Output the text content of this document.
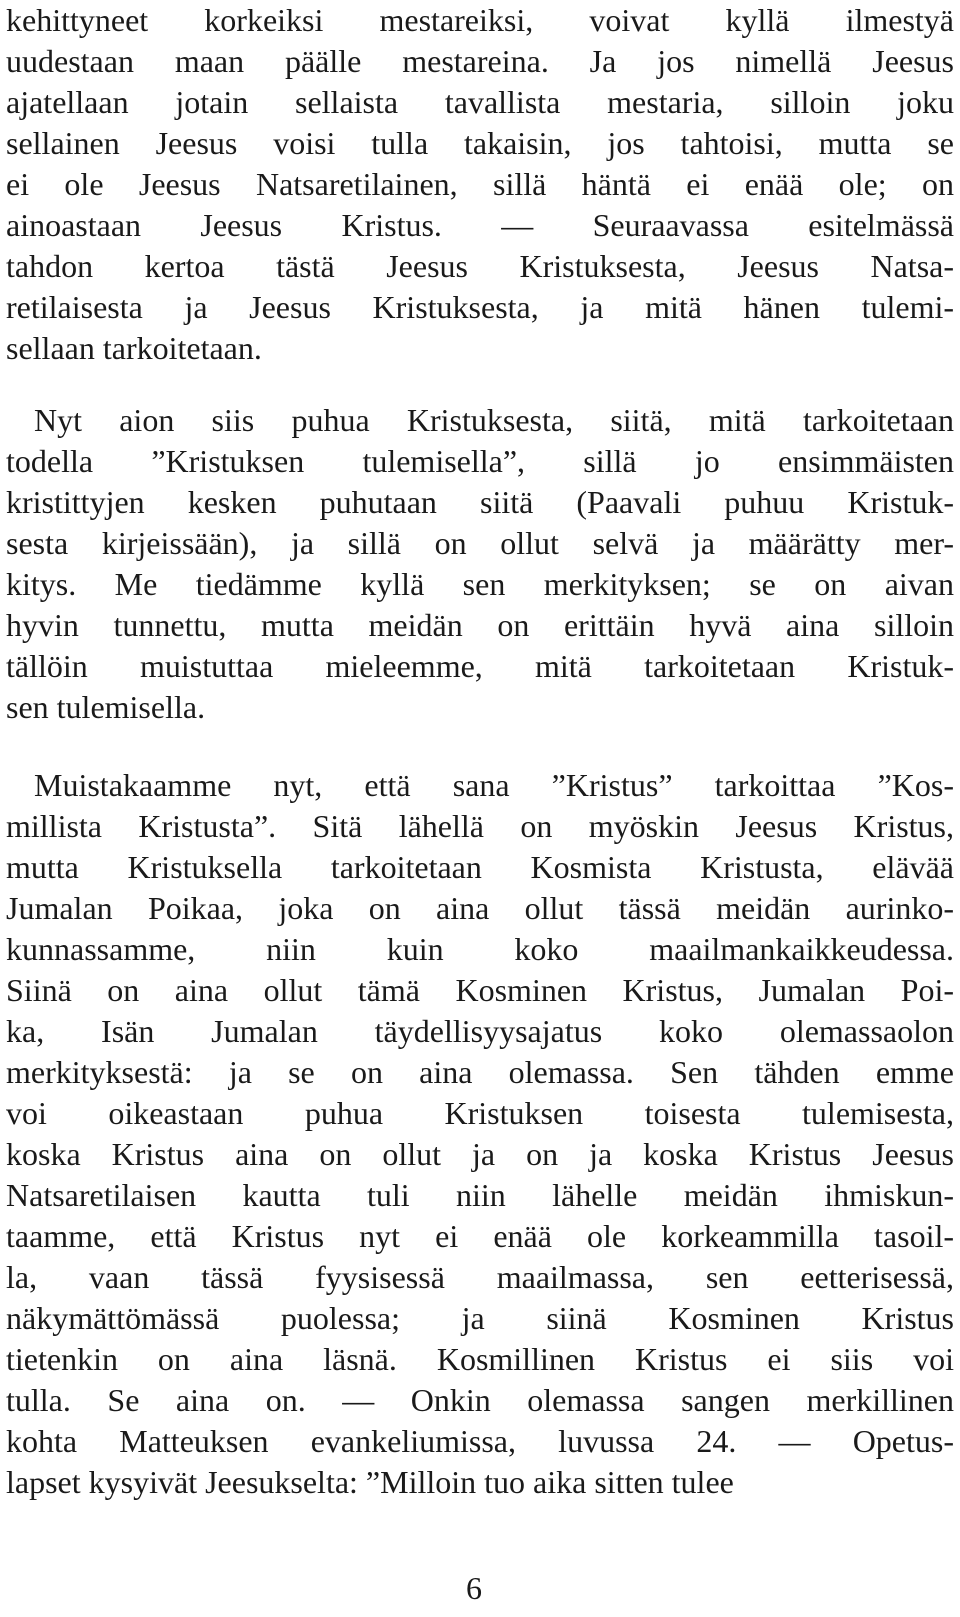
kehittyneet korkeiksi mestareiksi, voivat kyllä ilmestyä
uudestaan maan päälle mestareina. Ja jos nimellä Jeesus
ajatellaan jotain sellaista tavallista mestaria, silloin joku
sellainen Jeesus voisi tulla takaisin, jos tahtoisi, mutta se
ei ole Jeesus Natsaretilainen, sillä häntä ei enää ole; on
ainoastaan Jeesus Kristus. — Seuraavassa esitelmässä
tahdon kertoa tästä Jeesus Kristuksesta, Jeesus Natsa-
retilaisesta ja Jeesus Kristuksesta, ja mitä hänen tulemi-
sellaan tarkoitetaan.
Nyt aion siis puhua Kristuksesta, siitä, mitä tarkoitetaan
todella ”Kristuksen tulemisella”, sillä jo ensimmäisten
kristittyjen kesken puhutaan siitä (Paavali puhuu Kristuk-
sesta kirjeissään), ja sillä on ollut selvä ja määrätty mer-
kitys. Me tiedämme kyllä sen merkityksen; se on aivan
hyvin tunnettu, mutta meidän on erittäin hyvä aina silloin
tällöin muistuttaa mieleemme, mitä tarkoitetaan Kristuk-
sen tulemisella.
Muistakaamme nyt, että sana ”Kristus” tarkoittaa ”Kos-
millista Kristusta”. Sitä lähellä on myöskin Jeesus Kristus,
mutta Kristuksella tarkoitetaan Kosmista Kristusta, elävää
Jumalan Poikaa, joka on aina ollut tässä meidän aurinko-
kunnassamme, niin kuin koko maailmankaikkeudessa.
Siinä on aina ollut tämä Kosminen Kristus, Jumalan Poi-
ka, Isän Jumalan täydellisyysajatus koko olemassaolon
merkityksestä: ja se on aina olemassa. Sen tähden emme
voi oikeastaan puhua Kristuksen toisesta tulemisesta,
koska Kristus aina on ollut ja on ja koska Kristus Jeesus
Natsaretilaisen kautta tuli niin lähelle meidän ihmiskun-
taamme, että Kristus nyt ei enää ole korkeammilla tasoil-
la, vaan tässä fyysisessä maailmassa, sen eetterisessä,
näkymättömässä puolessa; ja siinä Kosminen Kristus
tietenkin on aina läsnä. Kosmillinen Kristus ei siis voi
tulla. Se aina on. — Onkin olemassa sangen merkillinen
kohta Matteuksen evankeliumissa, luvussa 24. — Opetus-
lapset kysyivät Jeesukselta: ”Milloin tuo aika sitten tulee
6
